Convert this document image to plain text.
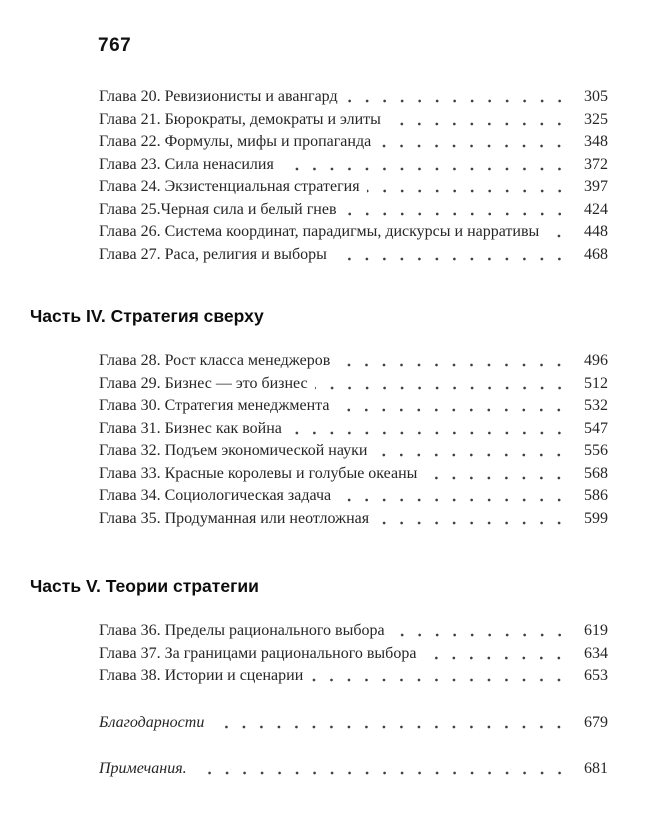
767
Глава 20. Ревизионисты и авангард	305
Глава 21. Бюрократы, демократы и элиты	325
Глава 22. Формулы, мифы и пропаганда	348
Глава 23. Сила ненасилия	372
Глава 24. Экзистенциальная стратегия	397
Глава 25.Черная сила и белый гнев	424
Глава 26. Система координат, парадигмы, дискурсы и нарративы	448
Глава 27. Раса, религия и выборы	468
Часть IV. Стратегия сверху
Глава 28. Рост класса менеджеров	496
Глава 29. Бизнес — это бизнес	512
Глава 30. Стратегия менеджмента	532
Глава 31. Бизнес как война	547
Глава 32. Подъем экономической науки	556
Глава 33. Красные королевы и голубые океаны	568
Глава 34. Социологическая задача	586
Глава 35. Продуманная или неотложная	599
Часть V. Теории стратегии
Глава 36. Пределы рационального выбора	619
Глава 37. За границами рационального выбора	634
Глава 38. Истории и сценарии	653
Благодарности	679
Примечания.	681
